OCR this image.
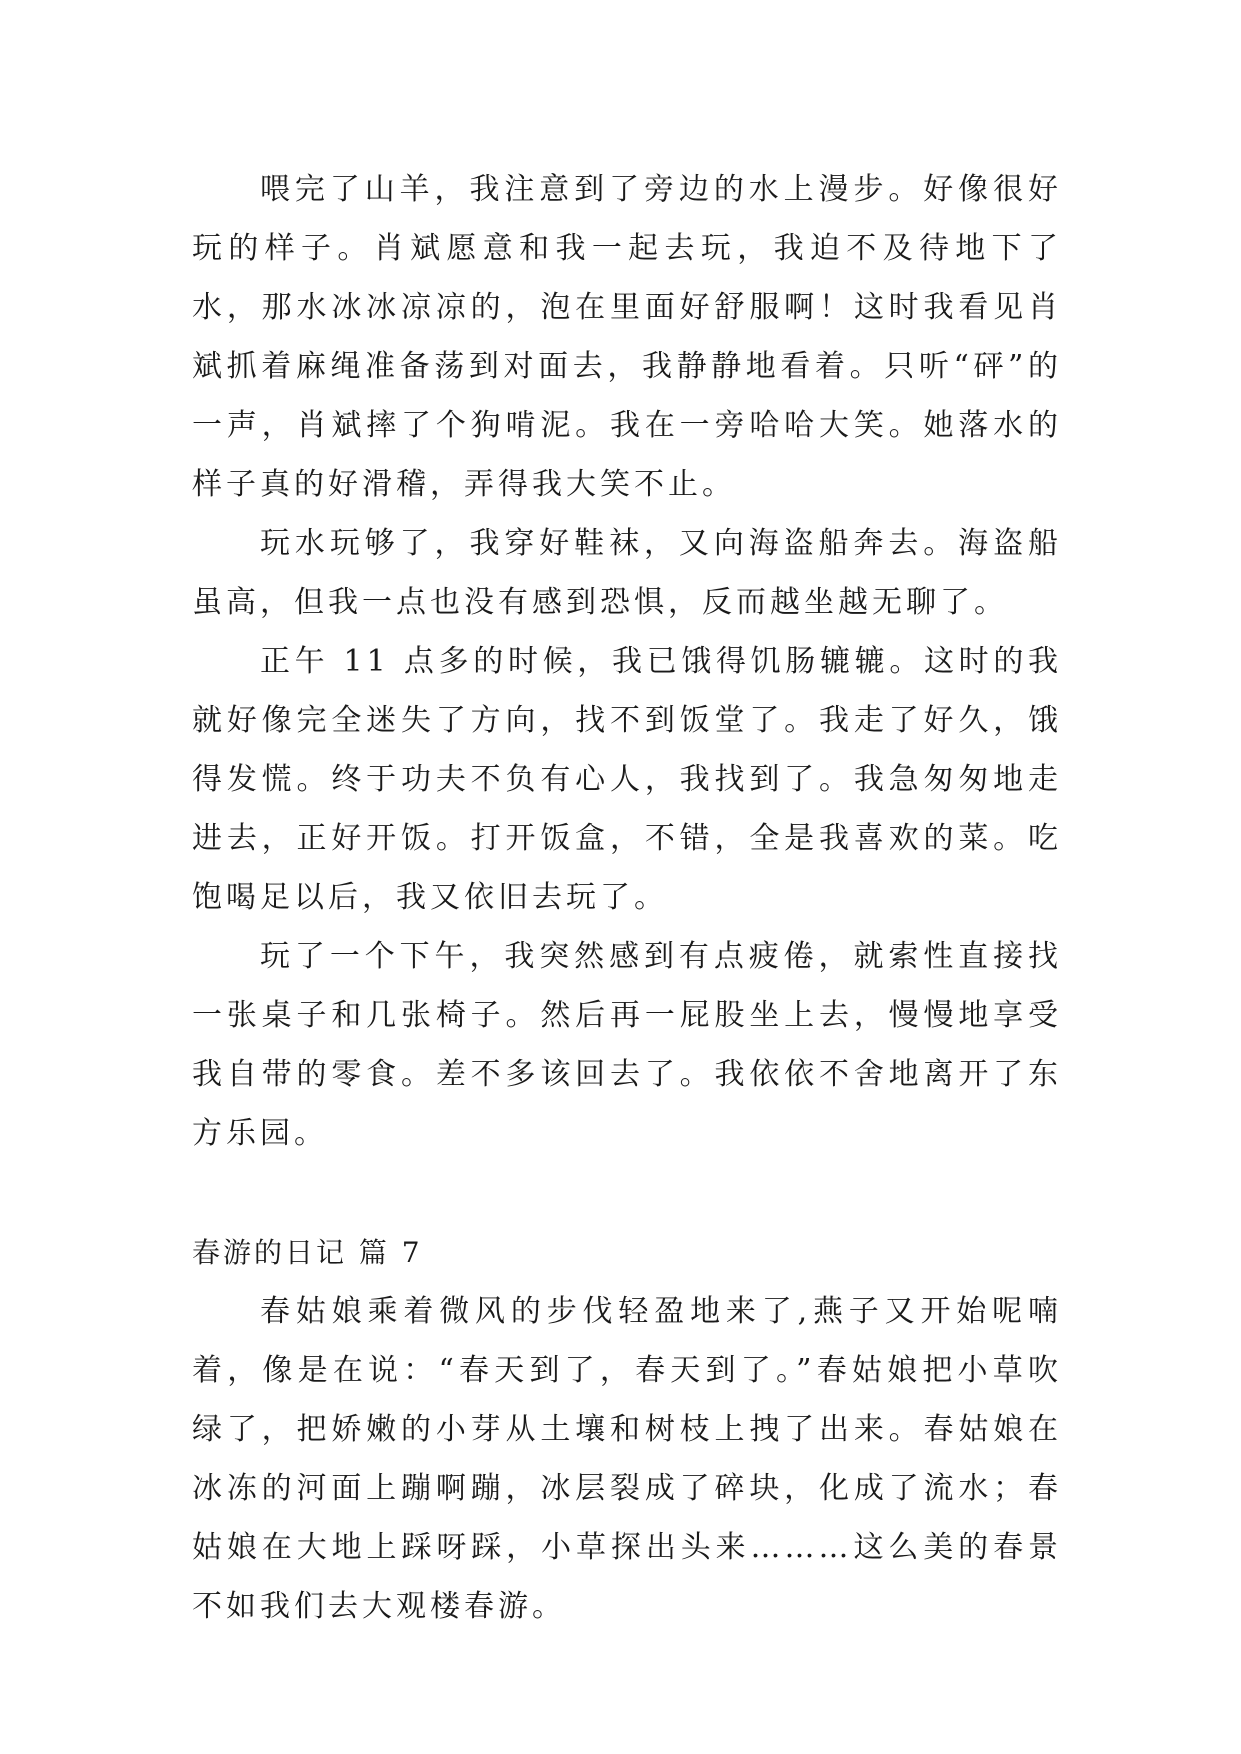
喂完了山羊，我注意到了旁边的水上漫步。好像很好玩的样子。肖斌愿意和我一起去玩，我迫不及待地下了水，那水冰冰凉凉的，泡在里面好舒服啊！这时我看见肖斌抓着麻绳准备荡到对面去，我静静地看着。只听“砰”的一声，肖斌摔了个狗啃泥。我在一旁哈哈大笑。她落水的样子真的好滑稽，弄得我大笑不止。

玩水玩够了，我穿好鞋袜，又向海盗船奔去。海盗船虽高，但我一点也没有感到恐惧，反而越坐越无聊了。

正午 11 点多的时候，我已饿得饥肠辘辘。这时的我就好像完全迷失了方向，找不到饭堂了。我走了好久，饿得发慌。终于功夫不负有心人，我找到了。我急匆匆地走进去，正好开饭。打开饭盒，不错，全是我喜欢的菜。吃饱喝足以后，我又依旧去玩了。

玩了一个下午，我突然感到有点疲倦，就索性直接找一张桌子和几张椅子。然后再一屁股坐上去，慢慢地享受我自带的零食。差不多该回去了。我依依不舍地离开了东方乐园。

春游的日记 篇 7

春姑娘乘着微风的步伐轻盈地来了,燕子又开始呢喃着，像是在说：“春天到了，春天到了。”春姑娘把小草吹绿了，把娇嫩的小芽从土壤和树枝上拽了出来。春姑娘在冰冻的河面上蹦啊蹦，冰层裂成了碎块，化成了流水；春姑娘在大地上踩呀踩，小草探出头来………这么美的春景不如我们去大观楼春游。
